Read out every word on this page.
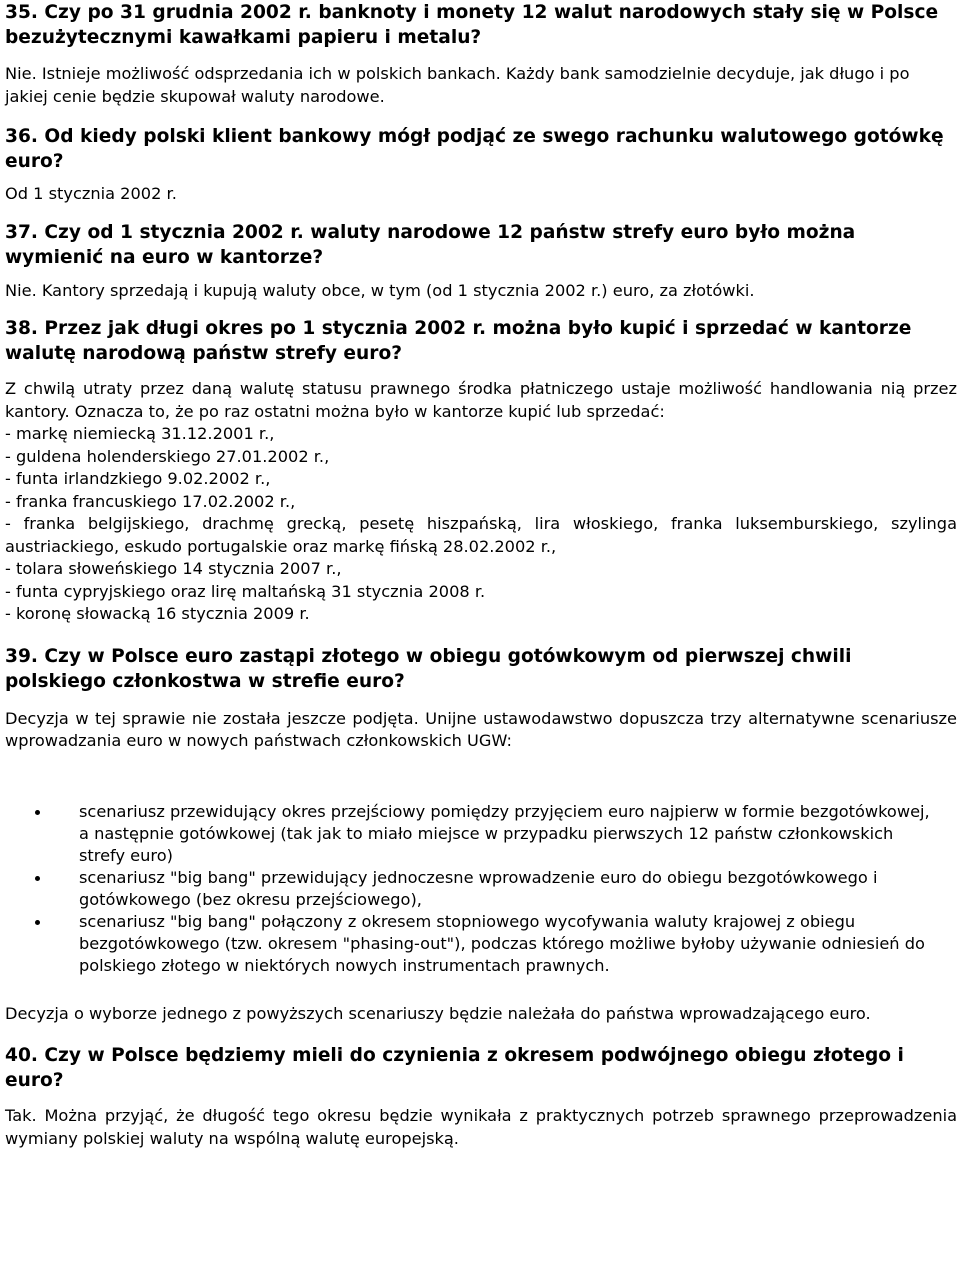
35. Czy po 31 grudnia 2002 r. banknoty i monety 12 walut narodowych stały się w Polsce bezużytecznymi kawałkami papieru i metalu?

Nie. Istnieje możliwość odsprzedania ich w polskich bankach. Każdy bank samodzielnie decyduje, jak długo i po jakiej cenie będzie skupował waluty narodowe.

36. Od kiedy polski klient bankowy mógł podjąć ze swego rachunku walutowego gotówkę euro?

Od 1 stycznia 2002 r.

37. Czy od 1 stycznia 2002 r. waluty narodowe 12 państw strefy euro było można wymienić na euro w kantorze?

Nie. Kantory sprzedają i kupują waluty obce, w tym (od 1 stycznia 2002 r.) euro, za złotówki.

38. Przez jak długi okres po 1 stycznia 2002 r. można było kupić i sprzedać w kantorze walutę narodową państw strefy euro?

Z chwilą utraty przez daną walutę statusu prawnego środka płatniczego ustaje możliwość handlowania nią przez kantory. Oznacza to, że po raz ostatni można było w kantorze kupić lub sprzedać:

- markę niemiecką 31.12.2001 r.,

- guldena holenderskiego 27.01.2002 r.,

- funta irlandzkiego 9.02.2002 r.,

- franka francuskiego 17.02.2002 r.,

- franka belgijskiego, drachmę grecką, pesetę hiszpańską, lira włoskiego, franka luksemburskiego, szylinga austriackiego, eskudo portugalskie oraz markę fińską 28.02.2002 r.,

- tolara słoweńskiego 14 stycznia 2007 r.,

- funta cypryjskiego oraz lirę maltańską 31 stycznia 2008 r.

- koronę słowacką 16 stycznia 2009 r.

39. Czy w Polsce euro zastąpi złotego w obiegu gotówkowym od pierwszej chwili polskiego członkostwa w strefie euro?

Decyzja w tej sprawie nie została jeszcze podjęta. Unijne ustawodawstwo dopuszcza trzy alternatywne scenariusze wprowadzania euro w nowych państwach członkowskich UGW:

scenariusz przewidujący okres przejściowy pomiędzy przyjęciem euro najpierw w formie bezgotówkowej, a następnie gotówkowej (tak jak to miało miejsce w przypadku pierwszych 12 państw członkowskich strefy euro)
scenariusz "big bang" przewidujący jednoczesne wprowadzenie euro do obiegu bezgotówkowego i gotówkowego (bez okresu przejściowego),
scenariusz "big bang" połączony z okresem stopniowego wycofywania waluty krajowej z obiegu bezgotówkowego (tzw. okresem "phasing-out"), podczas którego możliwe byłoby używanie odniesień do polskiego złotego w niektórych nowych instrumentach prawnych.

Decyzja o wyborze jednego z powyższych scenariuszy będzie należała do państwa wprowadzającego euro.

40. Czy w Polsce będziemy mieli do czynienia z okresem podwójnego obiegu złotego i euro?

Tak. Można przyjąć, że długość tego okresu będzie wynikała z praktycznych potrzeb sprawnego przeprowadzenia wymiany polskiej waluty na wspólną walutę europejską.
